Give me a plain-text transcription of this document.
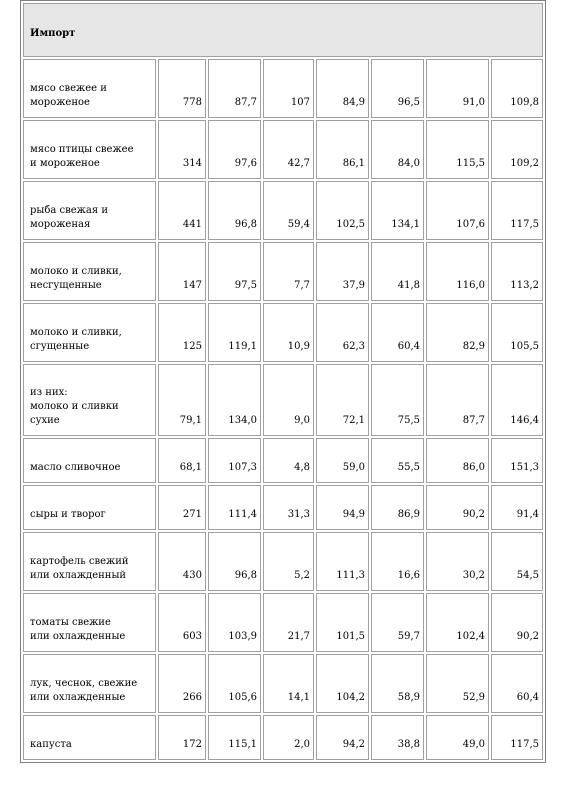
Импорт							
мясо свежее и
мороженое	778	87,7	107	84,9	96,5	91,0	109,8
мясо птицы свежее
и мороженое	314	97,6	42,7	86,1	84,0	115,5	109,2
рыба свежая и
мороженая	441	96,8	59,4	102,5	134,1	107,6	117,5
молоко и сливки,
несгущенные	147	97,5	7,7	37,9	41,8	116,0	113,2
молоко и сливки,
сгущенные	125	119,1	10,9	62,3	60,4	82,9	105,5
из них:
молоко и сливки
сухие	79,1	134,0	9,0	72,1	75,5	87,7	146,4
масло сливочное	68,1	107,3	4,8	59,0	55,5	86,0	151,3
сыры и творог	271	111,4	31,3	94,9	86,9	90,2	91,4
картофель свежий
или охлажденный	430	96,8	5,2	111,3	16,6	30,2	54,5
томаты свежие
или охлажденные	603	103,9	21,7	101,5	59,7	102,4	90,2
лук, чеснок, свежие
или охлажденные	266	105,6	14,1	104,2	58,9	52,9	60,4
капуста	172	115,1	2,0	94,2	38,8	49,0	117,5
